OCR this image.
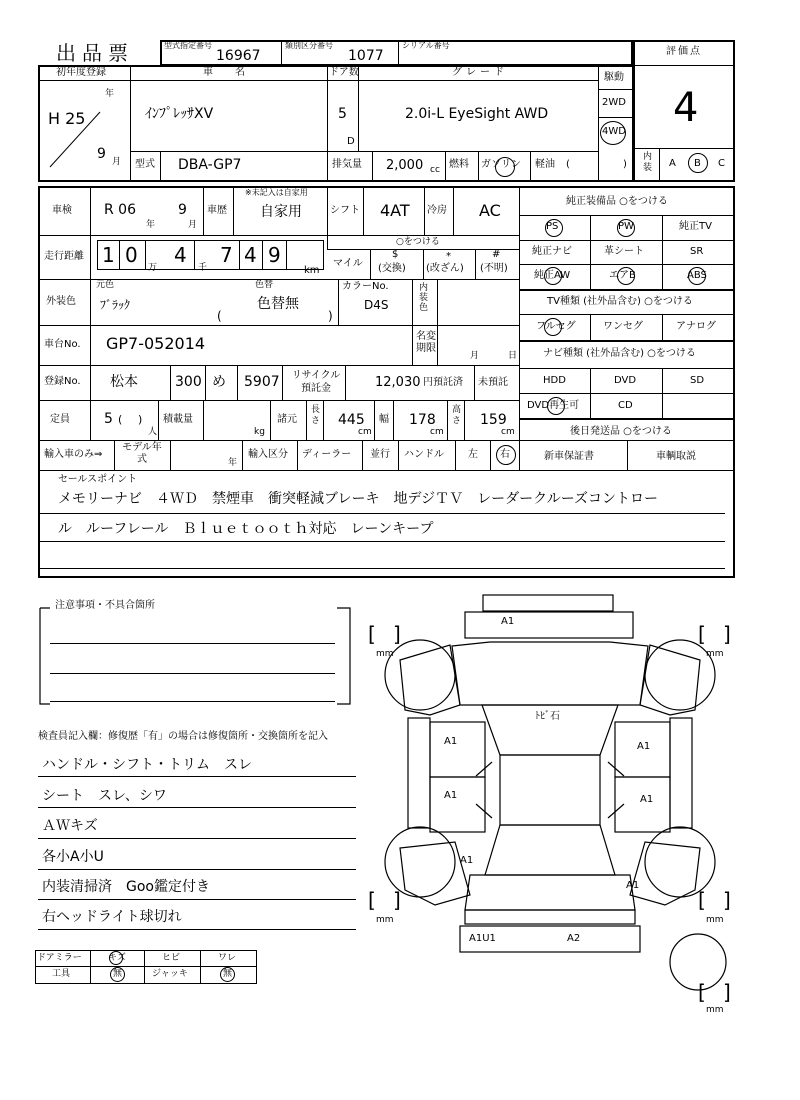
出品票	型式指定番号
16967
類別区分番号
1077
シリアル番号
初年度登録
H 25
年
9 月
車　名
ｲﾝﾌﾟﾚｯｻXV
ドア数
5
D
グレード
2.0i-L EyeSight AWD
駆動
2WD
4WD
型式 DBA-GP7	排気量 2,000 cc 燃料 ガソリン 軽油 (	)
評価点
4
内装 A B C
車検 R 06
年
9
月
車歴
※未記入は自家用
自家用	シフト 4AT 冷房 AC
走行距離 1 0
万
4
千
7 4 9
km
○をつける
マイル
$
(交換)
*
(改ざん)
#
(不明)
外装色
元色
ﾌﾞﾗｯｸ
色替
色替無
(	)
カラーNo.
D4S
内装色
車台No. GP7-052014	名変期限
月	日
登録No. 松本	300 め 5907	リサイクル預託金	12,030 円預託済 未預託
定員 5 ( )
人
積載量
kg
諸元
長さ 445
cm
幅 178
cm
高さ 159
cm
純正装備品 ○をつける
PS	PW	純正TV
純正ナビ	革シート	SR
純正AW	エアB	ABS
TV種類 (社外品含む) ○をつける
フルセグ	ワンセグ	アナログ
ナビ種類 (社外品含む) ○をつける
HDD	DVD	SD
DVD再生可	CD
後日発送品 ○をつける
新車保証書	車輌取説
輸入車のみ⇒
モデル年式	年
輸入区分 ディーラー 並行 ハンドル 左 右
セールスポイント
メモリーナビ　４ＷＤ　禁煙車　衝突軽減ブレーキ　地デジＴＶ　レーダークルーズコントロー
ル　ルーフレール　Ｂｌｕｅｔｏｏｔｈ対応　レーンキープ
注意事項・不具合箇所
検査員記入欄：修復歴「有」の場合は修復箇所・交換箇所を記入
ハンドル・シフト・トリム　スレ
シート　スレ、シワ
ＡＷキズ
各小A小U
内装清掃済　Goo鑑定付き
右ヘッドライト球切れ
ドアミラー	キズ	ヒビ	ワレ
工具	無	ジャッキ	無
A1
ﾄﾋﾞ石
A1
A1
A1
A1
A1
A1
A1U1	A2
[ ]
mm
[ ]
mm
[ ]
mm
[ ]
mm
[ ]
mm
